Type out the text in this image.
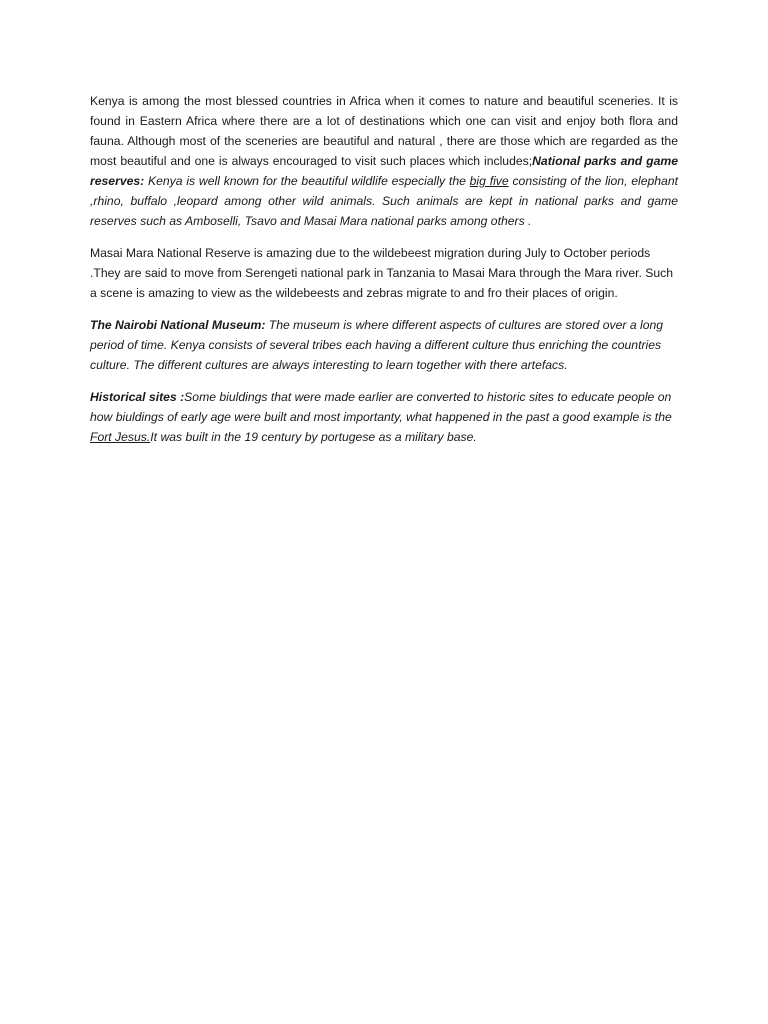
Kenya is among the most blessed countries in Africa when it comes to nature and beautiful sceneries. It is found in Eastern Africa where there are a lot of destinations which one can visit and enjoy both flora and fauna. Although most of the sceneries are beautiful and natural , there are those which are regarded as the most beautiful and one is always encouraged to visit such places which includes;National parks and game reserves: Kenya is well known for the beautiful wildlife especially the big five consisting of the lion, elephant ,rhino, buffalo ,leopard among other wild animals. Such animals are kept in national parks and game reserves such as Amboselli, Tsavo and Masai Mara national parks among others .

Masai Mara National Reserve is amazing due to the wildebeest migration during July to October periods .They are said to move from Serengeti national park in Tanzania to Masai Mara through the Mara river. Such a scene is amazing to view as the wildebeests and zebras migrate to and fro their places of origin.

The Nairobi National Museum: The museum is where different aspects of cultures are stored over a long period of time. Kenya consists of several tribes each having a different culture thus enriching the countries culture. The different cultures are always interesting to learn together with there artefacs.

Historical sites :Some biuldings that were made earlier are converted to historic sites to educate people on how biuldings of early age were built and most importanty, what happened in the past a good example is the Fort Jesus.It was built in the 19 century by portugese as a military base.
